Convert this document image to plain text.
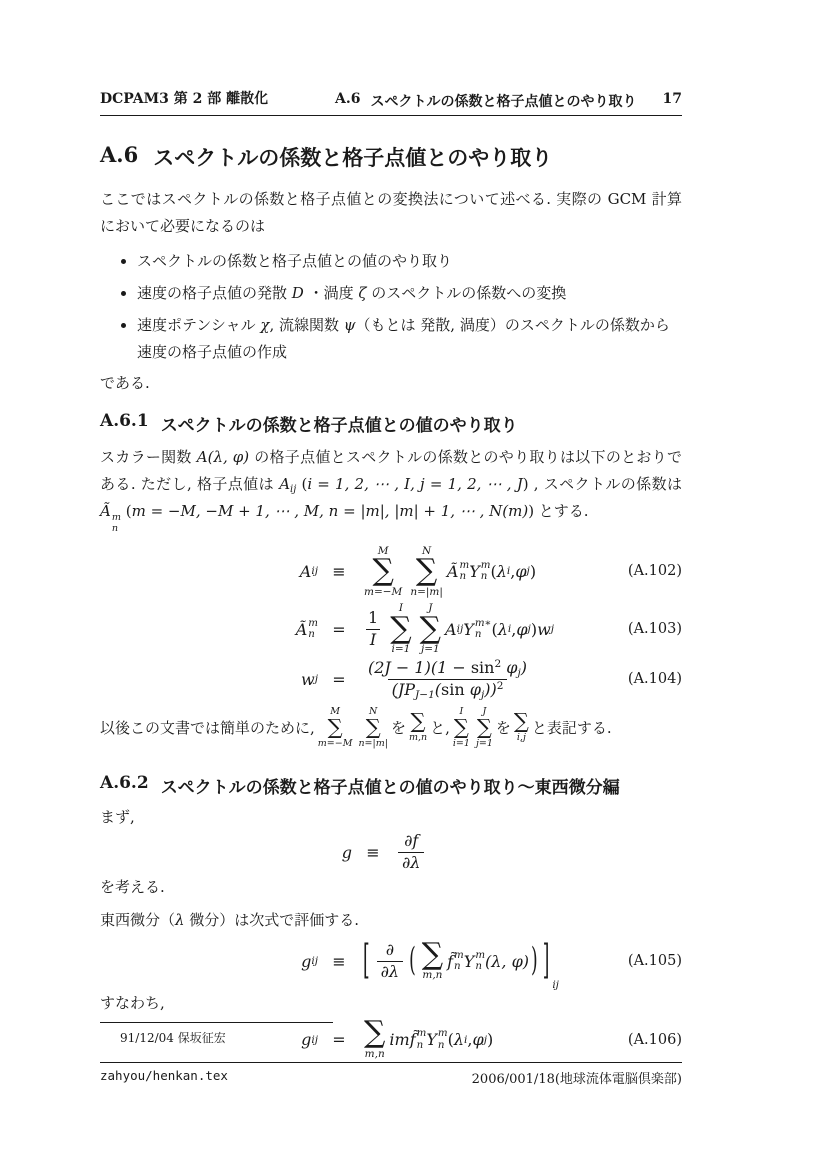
DCPAM3 第 2 部 離散化	A.6 スペクトルの係数と格子点値とのやり取り 17
A.6 スペクトルの係数と格子点値とのやり取り

ここではスペクトルの係数と格子点値との変換法について述べる. 実際の GCM 計算において必要になるのは

スペクトルの係数と格子点値との値のやり取り
速度の格子点値の発散 D ・渦度 ζ のスペクトルの係数への変換
速度ポテンシャル χ, 流線関数 ψ（もとは 発散, 渦度）のスペクトルの係数から速度の格子点値の作成

である.

A.6.1 スペクトルの係数と格子点値との値のやり取り

スカラー関数 A(λ, φ) の格子点値とスペクトルの係数とのやり取りは以下のとおりである. ただし, 格子点値は Aij (i = 1, 2, ⋯ , I, j = 1, 2, ⋯ , J) , スペクトルの係数は Ã m
n
(m = −M, −M + 1, ⋯ , M, n = |m|, |m| + 1, ⋯ , N(m)) とする.

A ij ≡
M
∑
m=−M
N
∑
n=|m|
Ã m
n Y m
n ( λ i , φ j )	(A.102)
Ã m
n	=	$\frac{1}{I}$ I
∑
i=1
J
∑
j=1
A ij Y m∗
n ( λ i , φ j ) w j	(A.103)
w j =	$\frac{(2J - 1)(1 - \sin^2 \varphi j)}{(JPJ-1(\sin \varphi j))^2}$	(A.104)
以後この文書では簡単のために,
M
∑
m=−M
N
∑
n=|m|
を ∑
m,n
と,
I
∑
i=1
J
∑
j=1
を ∑
i,j
と表記する.
A.6.2 スペクトルの係数と格子点値との値のやり取り〜東西微分編

まず,

g ≡	$\frac{\partial f}{\partial\lambda}$

を考える.

東西微分（λ 微分）は次式で評価する.

g ij ≡	[ $\frac{\partial}{\partial\lambda}$ ( ∑
m,n
f̃ m
n Y m
n (λ, φ) ) ]
ij
(A.105)

すなわち,

g ij = ∑
m,n
im f̃ m
n Y m
n ( λ i , φ j )	(A.106)
91/12/04 保坂征宏
zahyou/henkan.tex	2006/001/18(地球流体電脳倶楽部)
